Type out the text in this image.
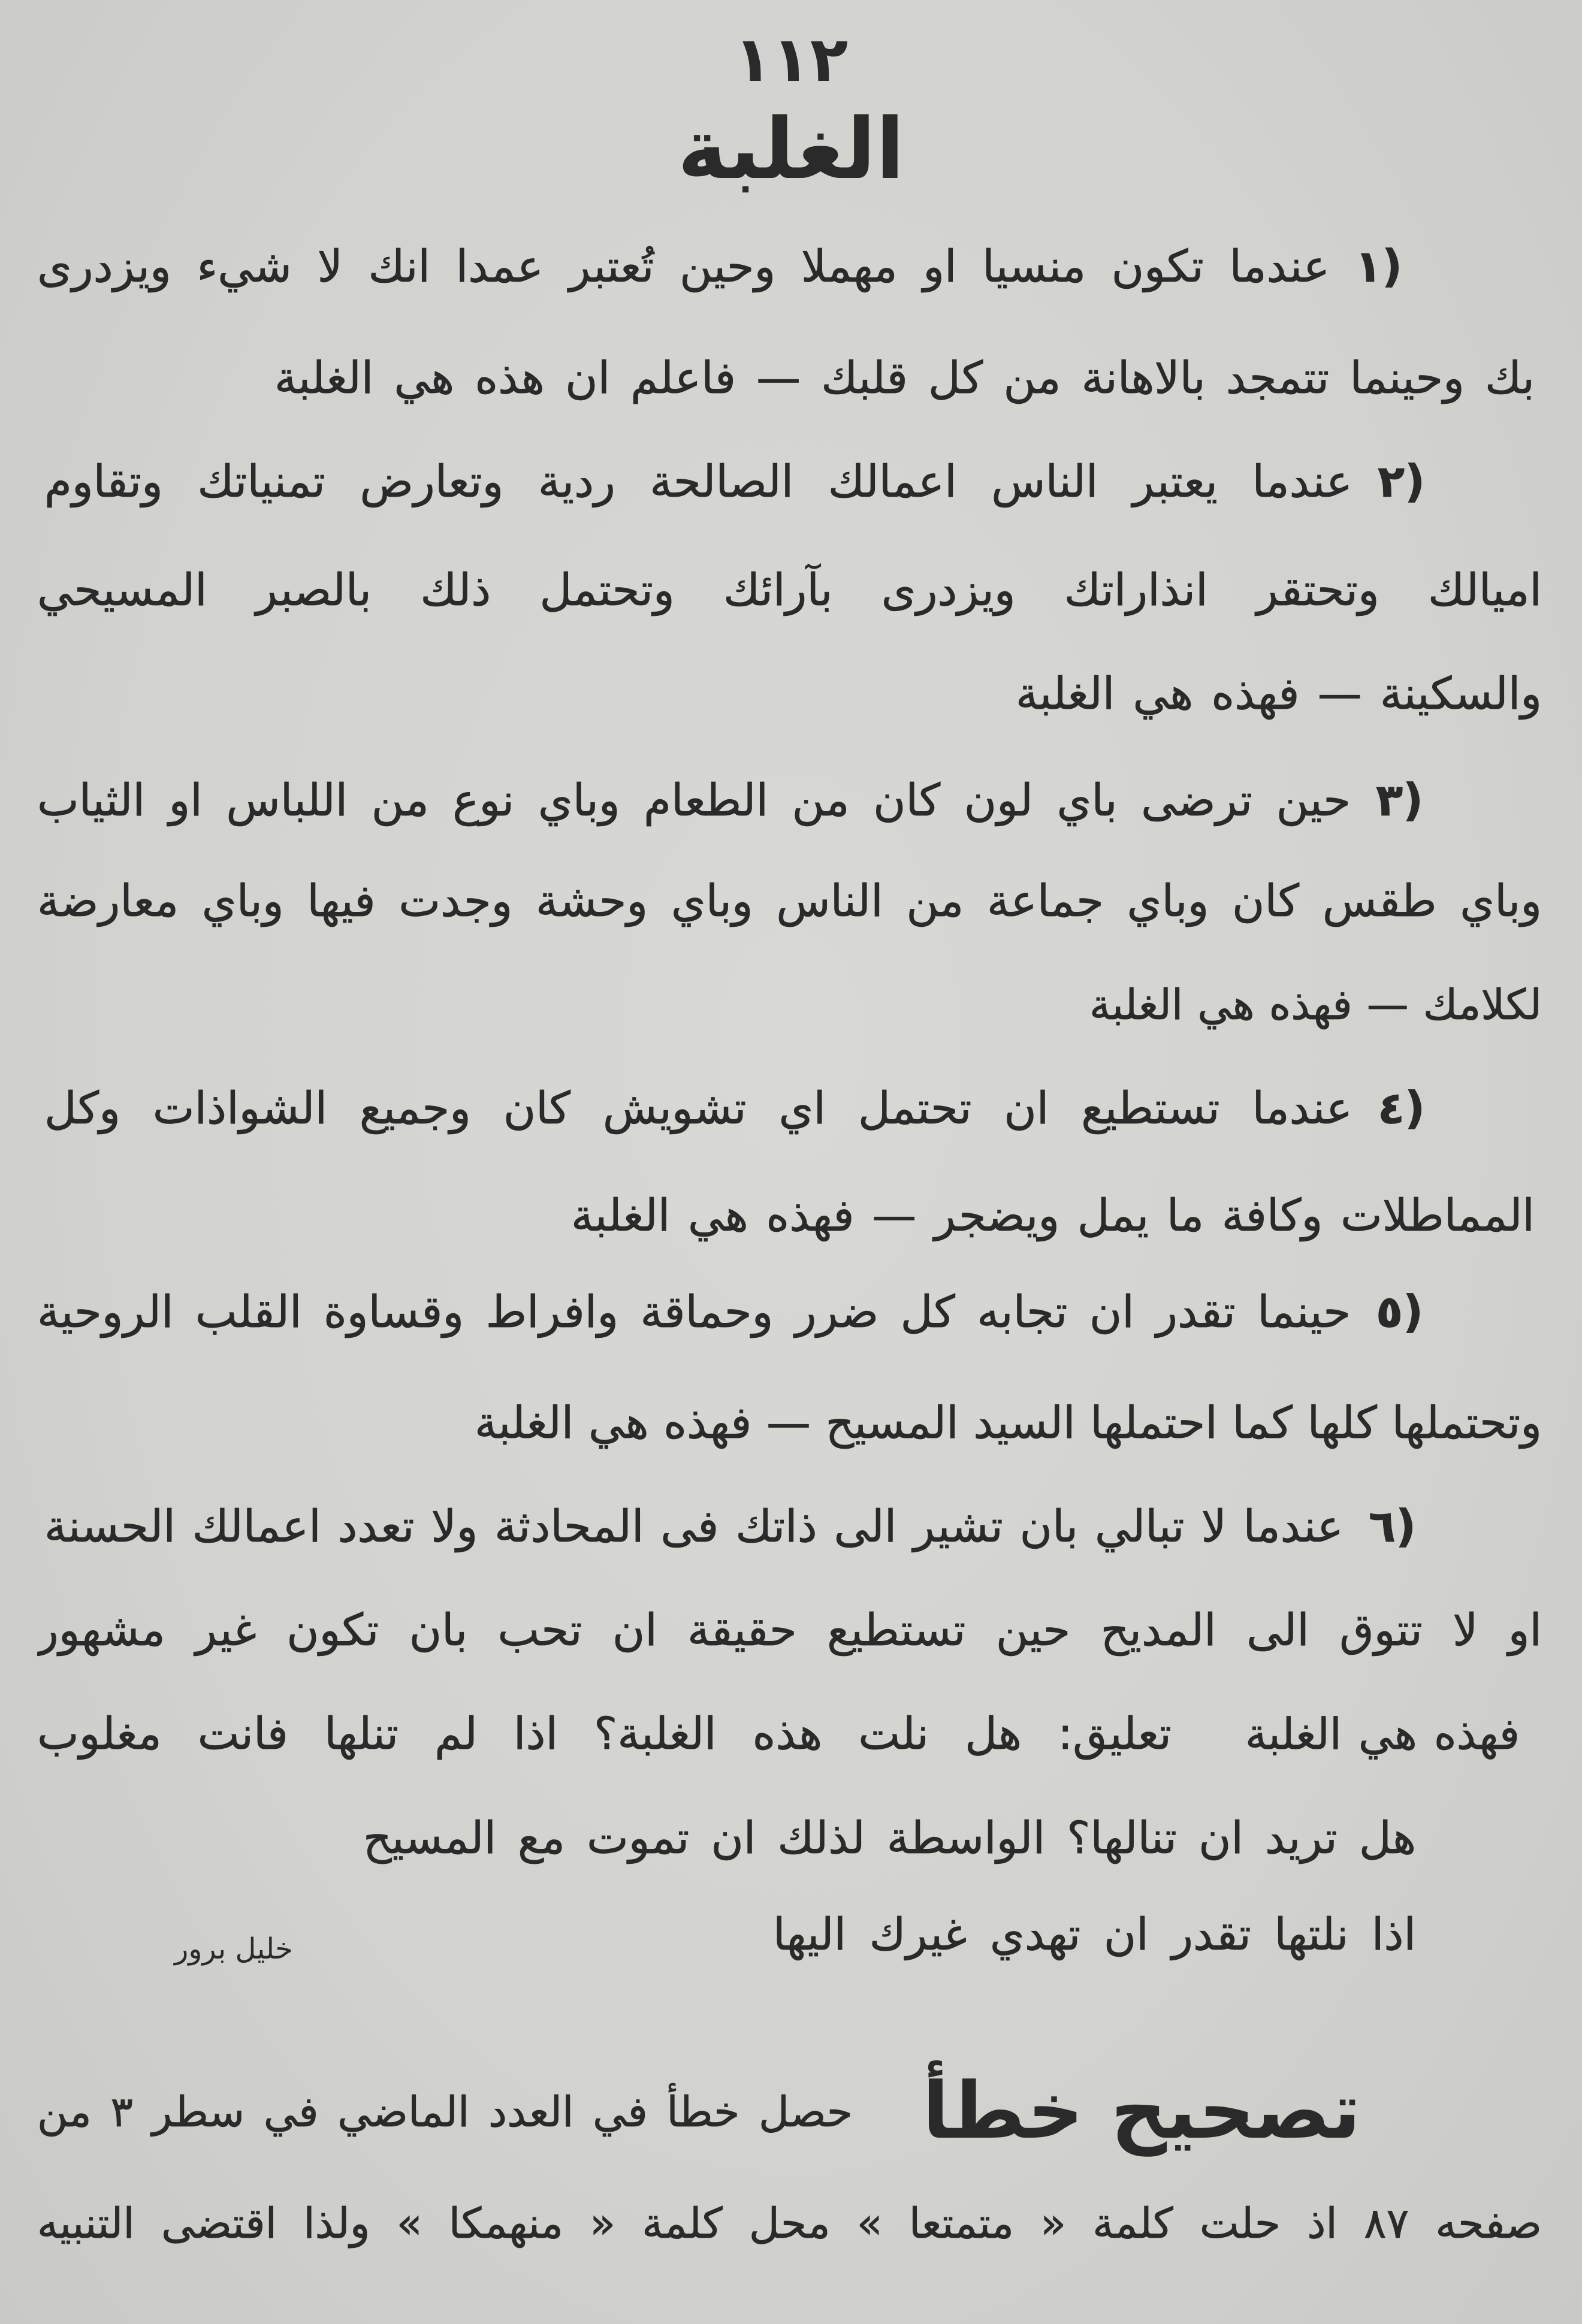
١١٢
الغلبة
١)
عندما تكون منسيا او مهملا وحين تُعتبر عمدا انك لا شيء ويزدرى
بك وحينما تتمجد بالاهانة من كل قلبك — فاعلم ان هذه هي الغلبة
٢)
عندما يعتبر الناس اعمالك الصالحة ردية وتعارض تمنياتك وتقاوم
اميالك وتحتقر انذاراتك ويزدرى بآرائك وتحتمل ذلك بالصبر المسيحي
والسكينة — فهذه هي الغلبة
٣)
حين ترضى باي لون كان من الطعام وباي نوع من اللباس او الثياب
وباي طقس كان وباي جماعة من الناس وباي وحشة وجدت فيها وباي معارضة
لكلامك — فهذه هي الغلبة
٤)
عندما تستطيع ان تحتمل اي تشويش كان وجميع الشواذات وكل
المماطلات وكافة ما يمل ويضجر — فهذه هي الغلبة
٥)
حينما تقدر ان تجابه كل ضرر وحماقة وافراط وقساوة القلب الروحية
وتحتملها كلها كما احتملها السيد المسيح — فهذه هي الغلبة
٦)
عندما لا تبالي بان تشير الى ذاتك فى المحادثة ولا تعدد اعمالك الحسنة
او لا تتوق الى المديح حين تستطيع حقيقة ان تحب بان تكون غير مشهور
فهذه هي الغلبة
تعليق: هل نلت هذه الغلبة؟ اذا لم تنلها فانت مغلوب
هل تريد ان تنالها؟ الواسطة لذلك ان تموت مع المسيح
اذا نلتها تقدر ان تهدي غيرك اليها
خليل برور
تصحيح خطأ
حصل خطأ في العدد الماضي في سطر ٣ من
صفحه ٨٧ اذ حلت كلمة « متمتعا » محل كلمة « منهمكا » ولذا اقتضى التنبيه
